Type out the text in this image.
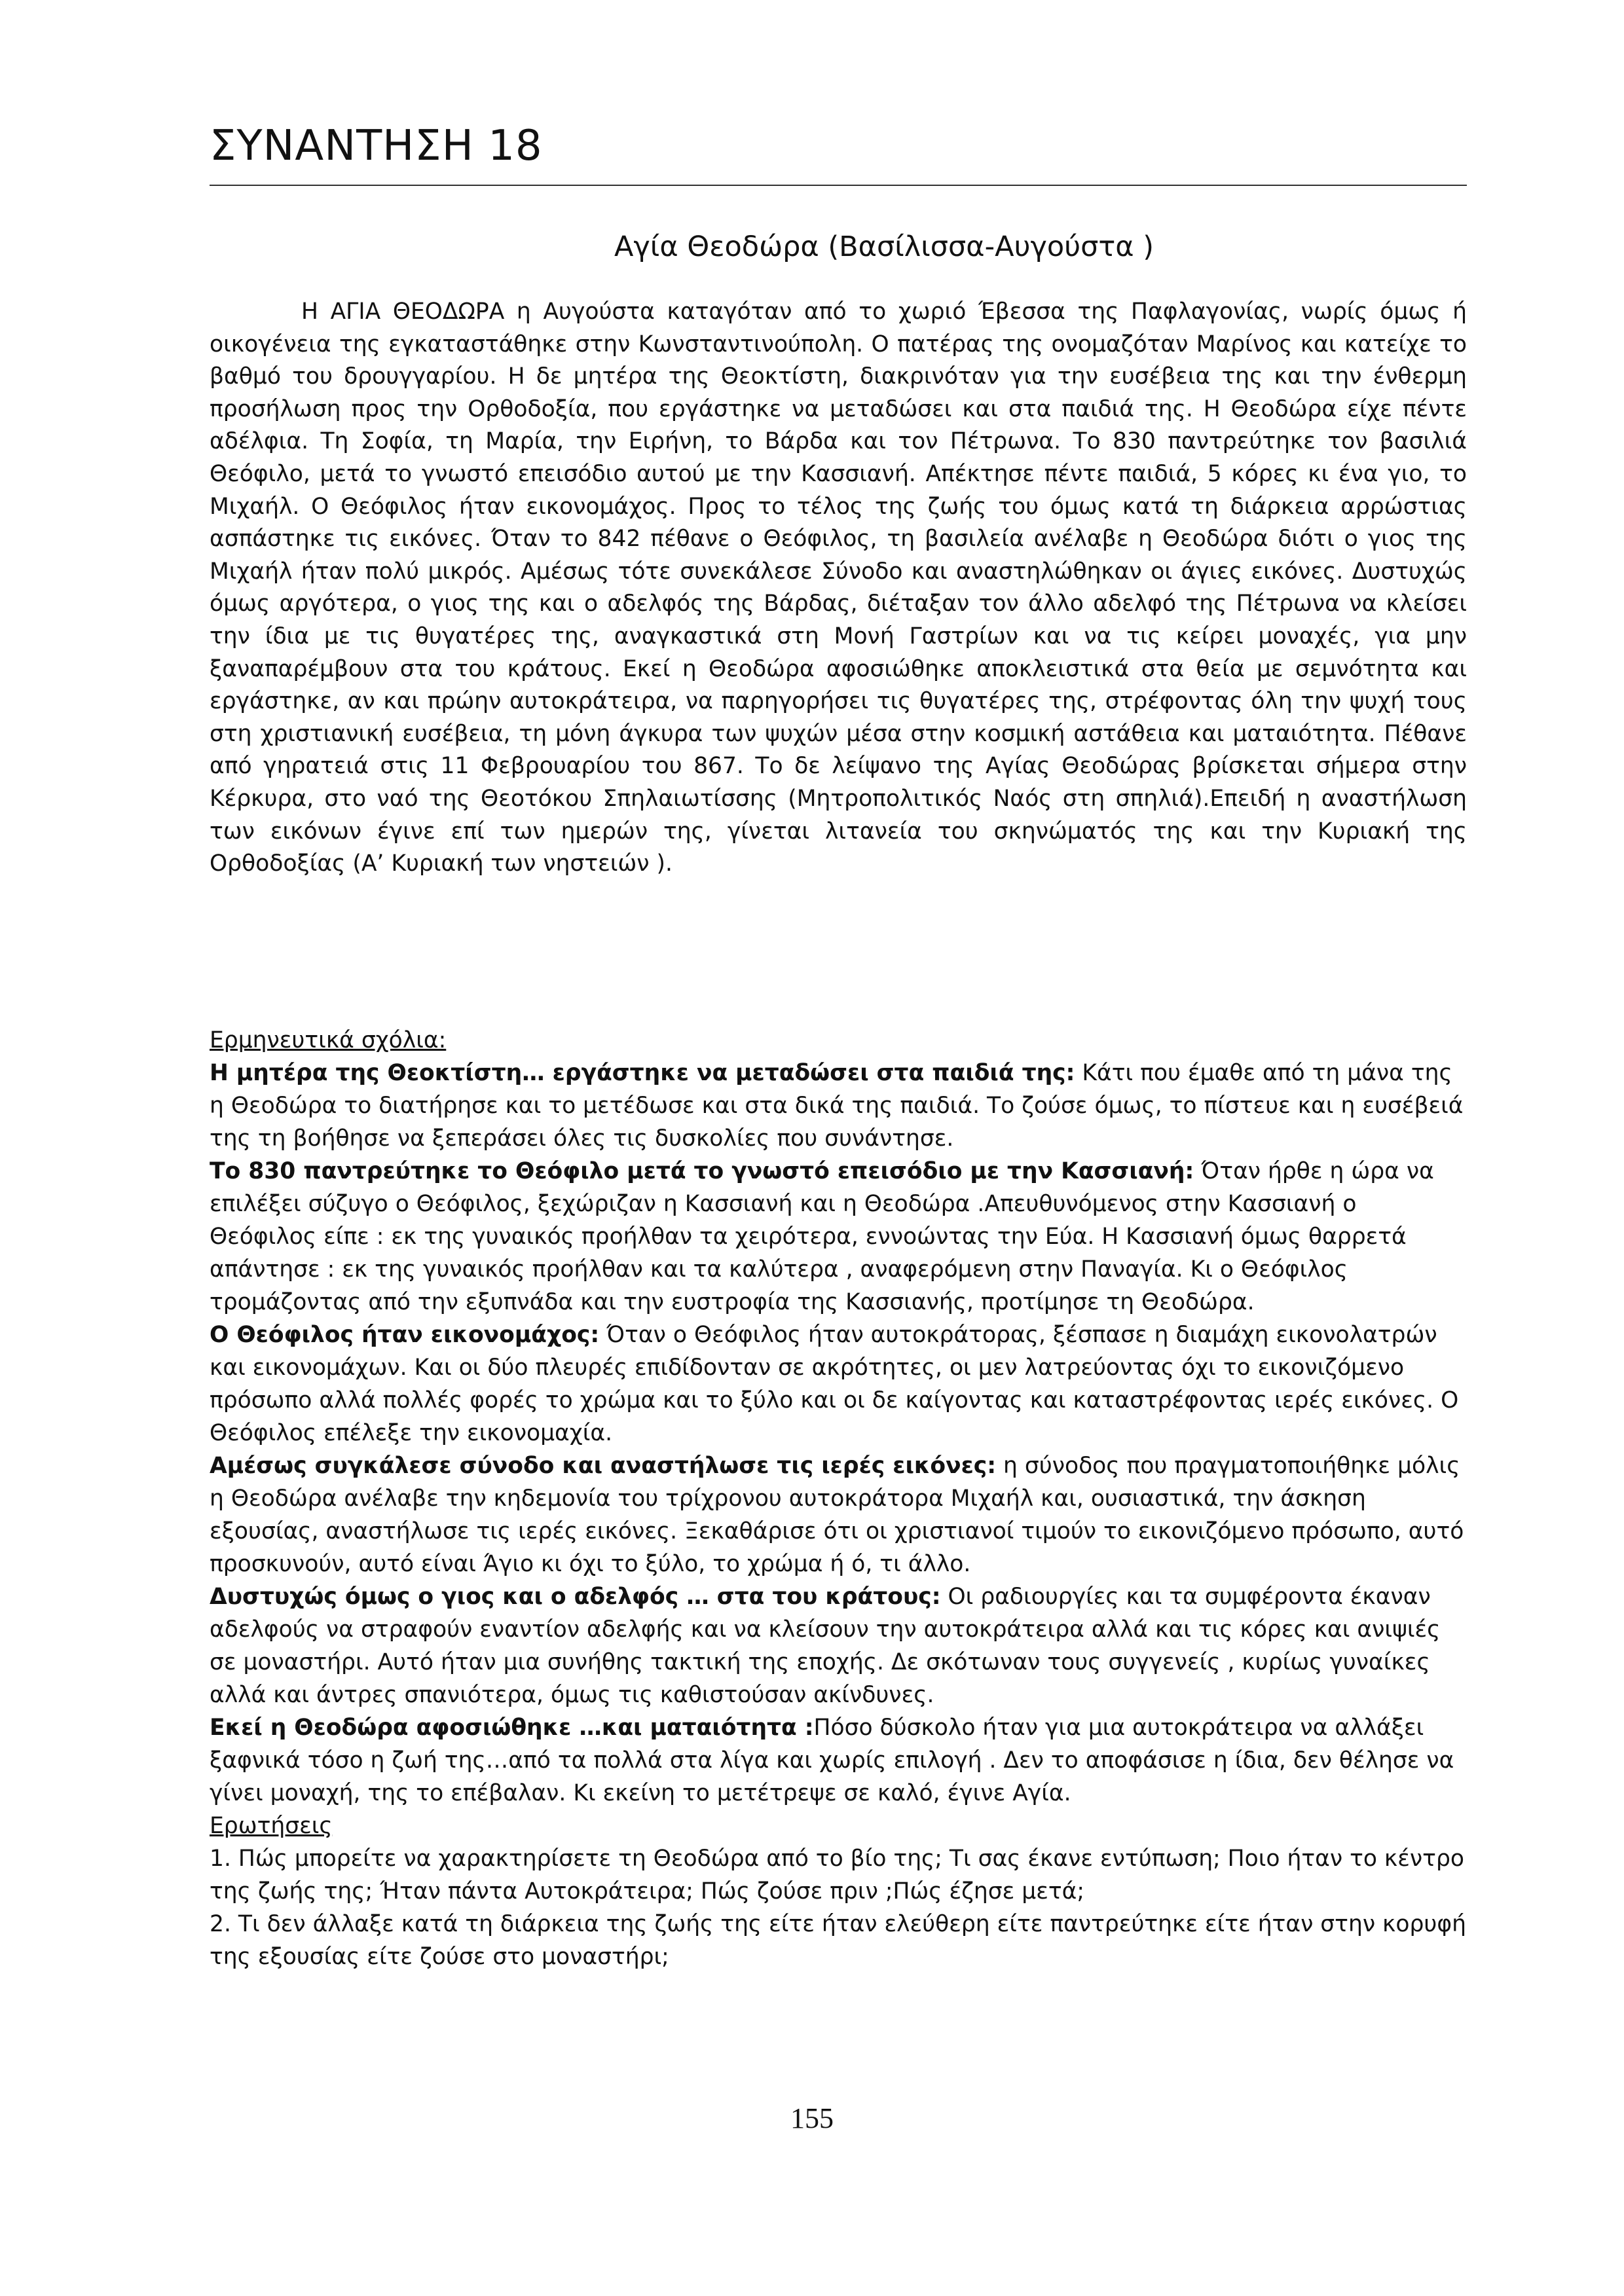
ΣΥΝΑΝΤΗΣΗ 18
Αγία Θεοδώρα (Βασίλισσα-Αυγούστα )

Η ΑΓΙΑ ΘΕΟΔΩΡΑ η Αυγούστα καταγόταν από το χωριό Έβεσσα της Παφλαγονίας, νωρίς όμως ή οικογένεια της εγκαταστάθηκε στην Κωνσταντινούπολη. Ο πατέρας της ονομαζόταν Μαρίνος και κατείχε το βαθμό του δρουγγαρίου. Η δε μητέρα της Θεοκτίστη, διακρινόταν για την ευσέβεια της και την ένθερμη προσήλωση προς την Ορθοδοξία, που εργάστηκε να μεταδώσει και στα παιδιά της. Η Θεοδώρα είχε πέντε αδέλφια. Τη Σοφία, τη Μαρία, την Ειρήνη, το Βάρδα και τον Πέτρωνα. Το 830 παντρεύτηκε τον βασιλιά Θεόφιλο, μετά το γνωστό επεισόδιο αυτού με την Κασσιανή. Απέκτησε πέντε παιδιά, 5 κόρες κι ένα γιο, το Μιχαήλ. Ο Θεόφιλος ήταν εικονομάχος. Προς το τέλος της ζωής του όμως κατά τη διάρκεια αρρώστιας ασπάστηκε τις εικόνες. Όταν το 842 πέθανε ο Θεόφιλος, τη βασιλεία ανέλαβε η Θεοδώρα διότι ο γιος της Μιχαήλ ήταν πολύ μικρός. Αμέσως τότε συνεκάλεσε Σύνοδο και αναστηλώθηκαν οι άγιες εικόνες. Δυστυχώς όμως αργότερα, ο γιος της και ο αδελφός της Βάρδας, διέταξαν τον άλλο αδελφό της Πέτρωνα να κλείσει την ίδια με τις θυγατέρες της, αναγκαστικά στη Μονή Γαστρίων και να τις κείρει μοναχές, για μην ξαναπαρέμβουν στα του κράτους. Εκεί η Θεοδώρα αφοσιώθηκε αποκλειστικά στα θεία με σεμνότητα και εργάστηκε, αν και πρώην αυτοκράτειρα, να παρηγορήσει τις θυγατέρες της, στρέφοντας όλη την ψυχή τους στη χριστιανική ευσέβεια, τη μόνη άγκυρα των ψυχών μέσα στην κοσμική αστάθεια και ματαιότητα. Πέθανε από γηρατειά στις 11 Φεβρουαρίου του 867. Το δε λείψανο της Αγίας Θεοδώρας βρίσκεται σήμερα στην Κέρκυρα, στο ναό της Θεοτόκου Σπηλαιωτίσσης (Μητροπολιτικός Ναός στη σπηλιά).Επειδή η αναστήλωση των εικόνων έγινε επί των ημερών της, γίνεται λιτανεία του σκηνώματός της και την Κυριακή της Ορθοδοξίας (Α’ Κυριακή των νηστειών ).

Ερμηνευτικά σχόλια:

Η μητέρα της Θεοκτίστη… εργάστηκε να μεταδώσει στα παιδιά της: Κάτι που έμαθε από τη μάνα της η Θεοδώρα το διατήρησε και το μετέδωσε και στα δικά της παιδιά. Το ζούσε όμως, το πίστευε και η ευσέβειά της τη βοήθησε να ξεπεράσει όλες τις δυσκολίες που συνάντησε.

Το 830 παντρεύτηκε το Θεόφιλο μετά το γνωστό επεισόδιο με την Κασσιανή: Όταν ήρθε η ώρα να επιλέξει σύζυγο ο Θεόφιλος, ξεχώριζαν η Κασσιανή και η Θεοδώρα .Απευθυνόμενος στην Κασσιανή ο Θεόφιλος είπε : εκ της γυναικός προήλθαν τα χειρότερα, εννοώντας την Εύα. Η Κασσιανή όμως θαρρετά απάντησε : εκ της γυναικός προήλθαν και τα καλύτερα , αναφερόμενη στην Παναγία. Κι ο Θεόφιλος τρομάζοντας από την εξυπνάδα και την ευστροφία της Κασσιανής, προτίμησε τη Θεοδώρα.

Ο Θεόφιλος ήταν εικονομάχος: Όταν ο Θεόφιλος ήταν αυτοκράτορας, ξέσπασε η διαμάχη εικονολατρών και εικονομάχων. Και οι δύο πλευρές επιδίδονταν σε ακρότητες, οι μεν λατρεύοντας όχι το εικονιζόμενο πρόσωπο αλλά πολλές φορές το χρώμα και το ξύλο και οι δε καίγοντας και καταστρέφοντας ιερές εικόνες. Ο Θεόφιλος επέλεξε την εικονομαχία.

Αμέσως συγκάλεσε σύνοδο και αναστήλωσε τις ιερές εικόνες: η σύνοδος που πραγματοποιήθηκε μόλις η Θεοδώρα ανέλαβε την κηδεμονία του τρίχρονου αυτοκράτορα Μιχαήλ και, ουσιαστικά, την άσκηση εξουσίας, αναστήλωσε τις ιερές εικόνες. Ξεκαθάρισε ότι οι χριστιανοί τιμούν το εικονιζόμενο πρόσωπο, αυτό προσκυνούν, αυτό είναι Άγιο κι όχι το ξύλο, το χρώμα ή ό, τι άλλο.

Δυστυχώς όμως ο γιος και ο αδελφός … στα του κράτους: Οι ραδιουργίες και τα συμφέροντα έκαναν αδελφούς να στραφούν εναντίον αδελφής και να κλείσουν την αυτοκράτειρα αλλά και τις κόρες και ανιψιές σε μοναστήρι. Αυτό ήταν μια συνήθης τακτική της εποχής. Δε σκότωναν τους συγγενείς , κυρίως γυναίκες αλλά και άντρες σπανιότερα, όμως τις καθιστούσαν ακίνδυνες.

Εκεί η Θεοδώρα αφοσιώθηκε …και ματαιότητα :Πόσο δύσκολο ήταν για μια αυτοκράτειρα να αλλάξει ξαφνικά τόσο η ζωή της…από τα πολλά στα λίγα και χωρίς επιλογή . Δεν το αποφάσισε η ίδια, δεν θέλησε να γίνει μοναχή, της το επέβαλαν. Κι εκείνη το μετέτρεψε σε καλό, έγινε Αγία.

Ερωτήσεις

1. Πώς μπορείτε να χαρακτηρίσετε τη Θεοδώρα από το βίο της; Τι σας έκανε εντύπωση; Ποιο ήταν το κέντρο της ζωής της; Ήταν πάντα Αυτοκράτειρα; Πώς ζούσε πριν ;Πώς έζησε μετά;

2. Τι δεν άλλαξε κατά τη διάρκεια της ζωής της είτε ήταν ελεύθερη είτε παντρεύτηκε είτε ήταν στην κορυφή της εξουσίας είτε ζούσε στο μοναστήρι;

155
